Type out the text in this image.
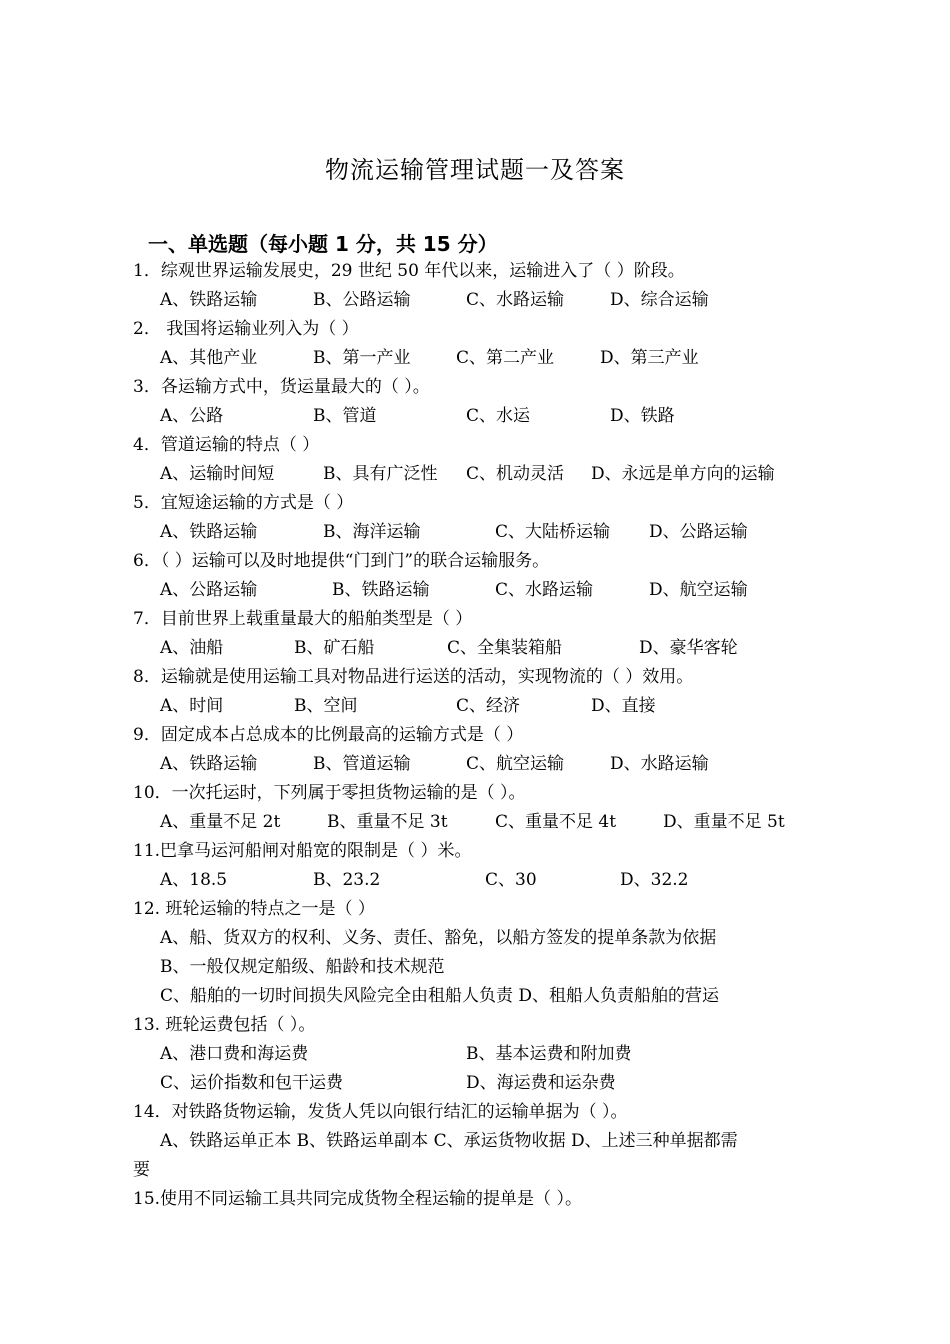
物流运输管理试题一及答案
一、单选题（每小题 1 分，共 15 分）
1．综观世界运输发展史，29 世纪 50 年代以来，运输进入了（ ）阶段。
A、铁路运输	B、公路运输	C、水路运输	D、综合运输
2． 我国将运输业列入为（ ）
A、其他产业	B、第一产业	C、第二产业	D、第三产业
3．各运输方式中，货运量最大的（ ）。
A、公路	B、管道	C、水运	D、铁路
4．管道运输的特点（ ）
A、运输时间短	B、具有广泛性 C、机动灵活 D、永远是单方向的运输
5．宜短途运输的方式是（ ）
A、铁路运输	B、海洋运输	C、大陆桥运输 D、公路运输
6．（ ）运输可以及时地提供“门到门”的联合运输服务。
A、公路运输	B、铁路运输	C、水路运输	D、航空运输
7．目前世界上载重量最大的船舶类型是（ ）
A、油船	B、矿石船	C、全集装箱船	D、豪华客轮
8．运输就是使用运输工具对物品进行运送的活动，实现物流的（ ）效用。
A、时间	B、空间	C、经济	D、直接
9．固定成本占总成本的比例最高的运输方式是（ ）
A、铁路运输	B、管道运输	C、航空运输	D、水路运输
10．一次托运时，下列属于零担货物运输的是（ ）。
A、重量不足 2t	B、重量不足 3t	C、重量不足 4t	D、重量不足 5t
11.巴拿马运河船闸对船宽的限制是（ ）米。
A、18.5	B、23.2	C、30	D、32.2
12. 班轮运输的特点之一是（ ）
A、船、货双方的权利、义务、责任、豁免，以船方签发的提单条款为依据
B、一般仅规定船级、船龄和技术规范
C、船舶的一切时间损失风险完全由租船人负责 D、租船人负责船舶的营运
13. 班轮运费包括（ ）。
A、港口费和海运费	B、基本运费和附加费
C、运价指数和包干运费	D、海运费和运杂费
14．对铁路货物运输，发货人凭以向银行结汇的运输单据为（ ）。
A、铁路运单正本 B、铁路运单副本 C、承运货物收据 D、上述三种单据都需
要
15.使用不同运输工具共同完成货物全程运输的提单是（ ）。
